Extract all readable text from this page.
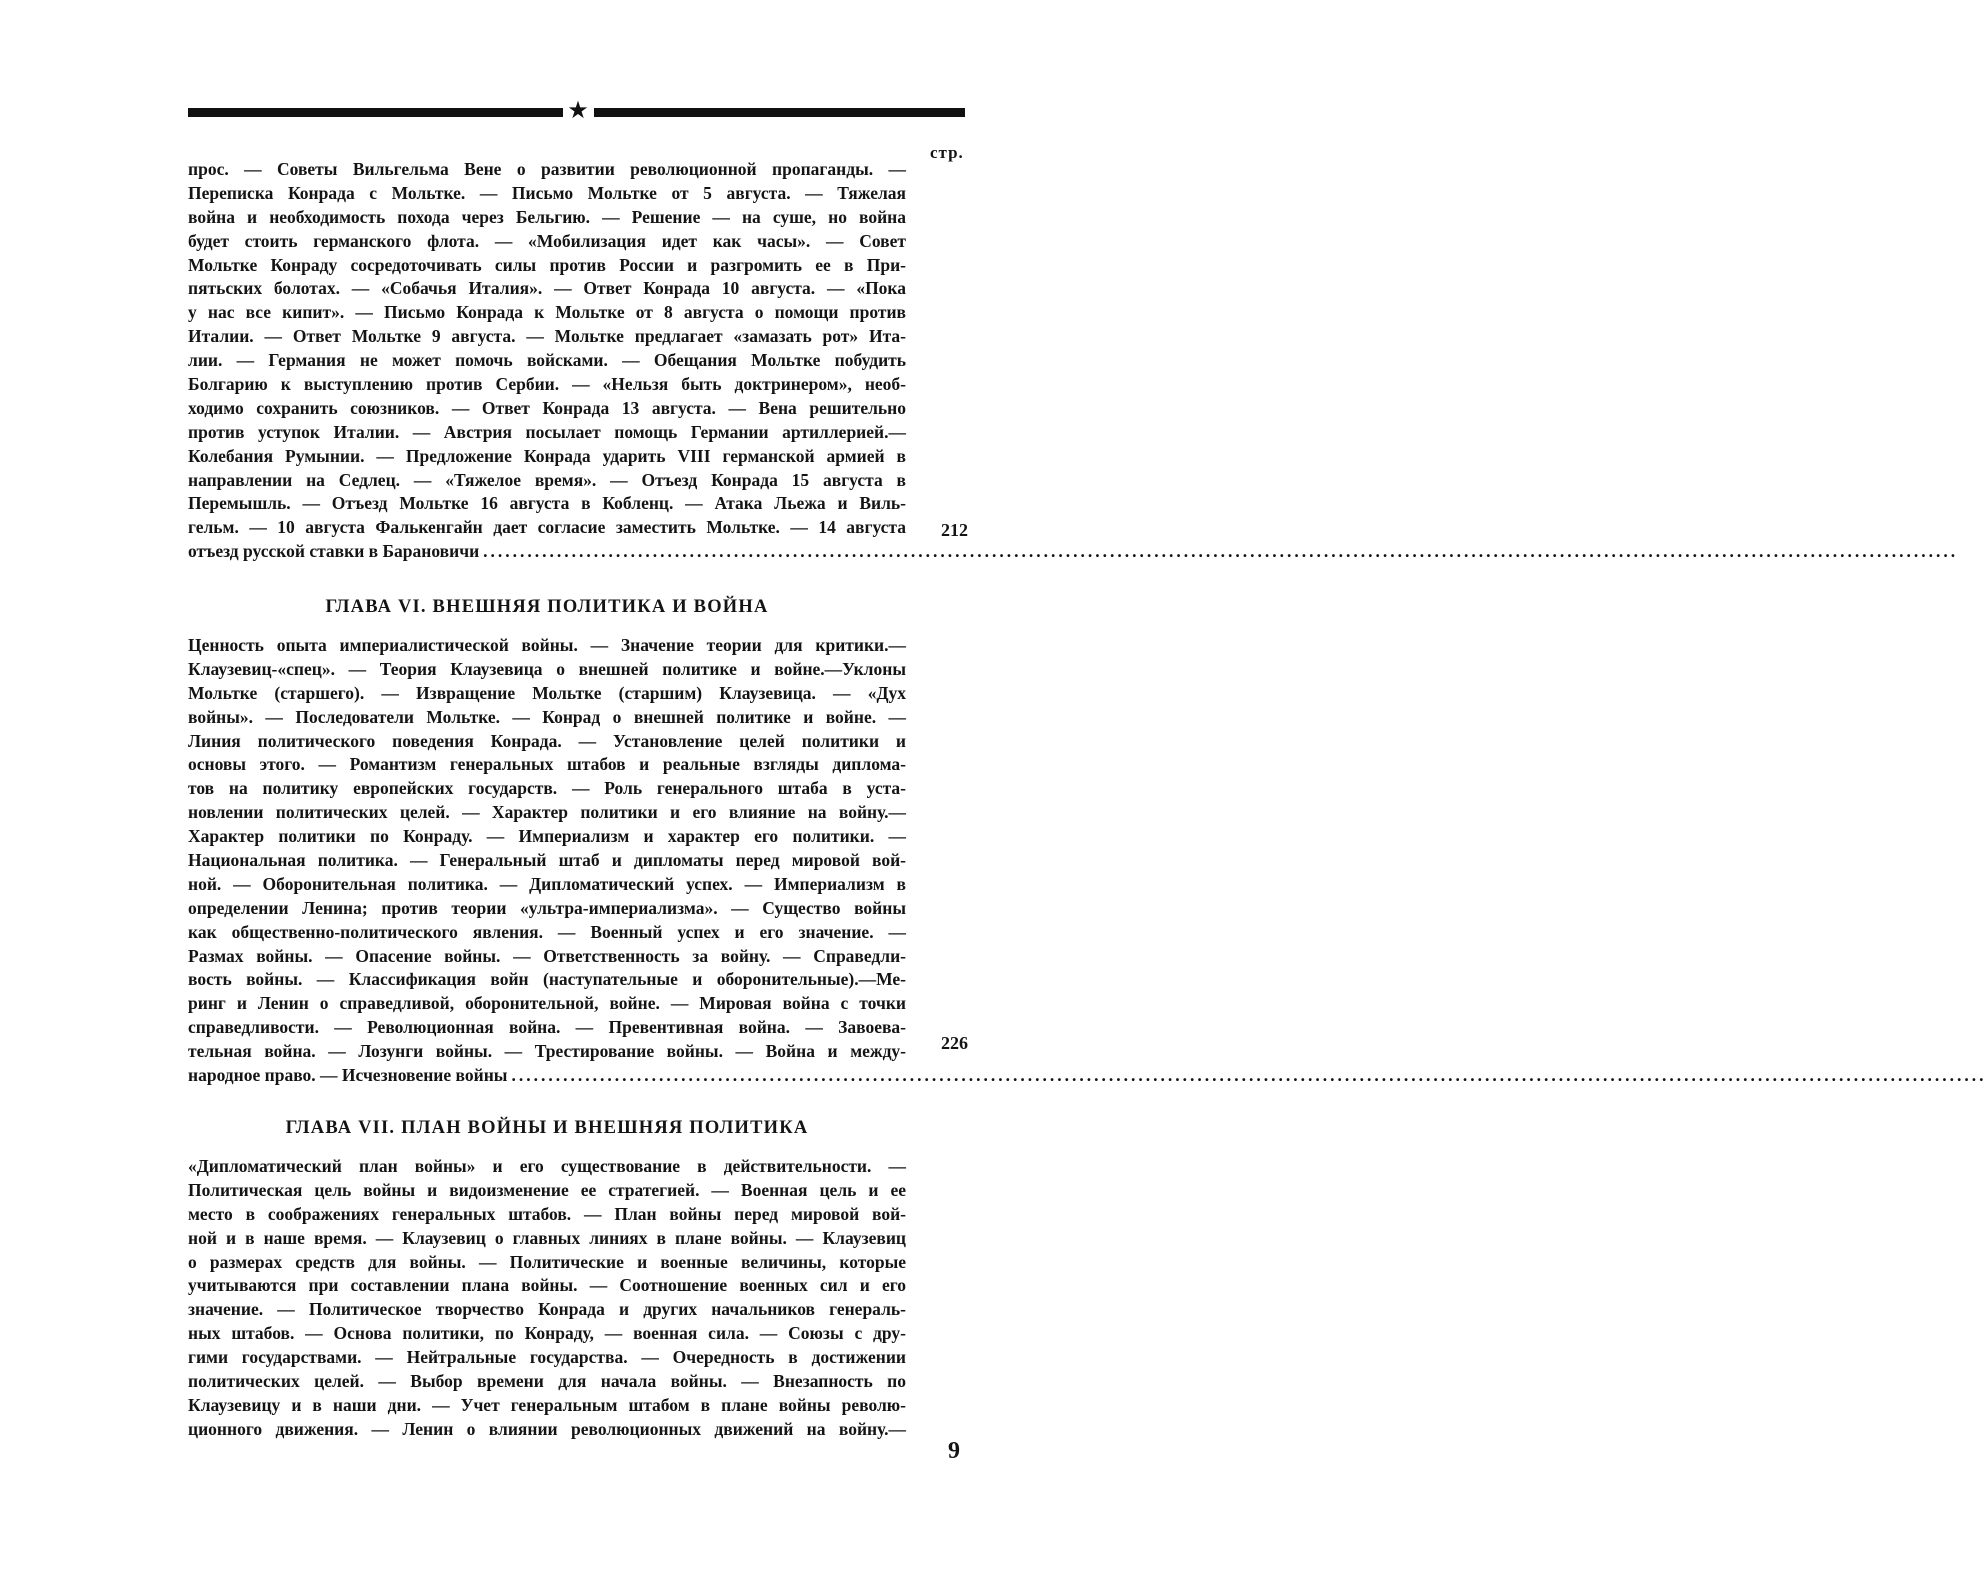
★
стр.
прос. — Советы Вильгельма Вене о развитии революционной пропаганды. —
Переписка Конрада с Мольтке. — Письмо Мольтке от 5 августа. — Тяжелая
война и необходимость похода через Бельгию. — Решение — на суше, но война
будет стоить германского флота. — «Мобилизация идет как часы». — Совет
Мольтке Конраду сосредоточивать силы против России и разгромить ее в При-
пятьских болотах. — «Собачья Италия». — Ответ Конрада 10 августа. — «Пока
у нас все кипит». — Письмо Конрада к Мольтке от 8 августа о помощи против
Италии. — Ответ Мольтке 9 августа. — Мольтке предлагает «замазать рот» Ита-
лии. — Германия не может помочь войсками. — Обещания Мольтке побудить
Болгарию к выступлению против Сербии. — «Нельзя быть доктринером», необ-
ходимо сохранить союзников. — Ответ Конрада 13 августа. — Вена решительно
против уступок Италии. — Австрия посылает помощь Германии артиллерией.—
Колебания Румынии. — Предложение Конрада ударить VIII германской армией в
направлении на Седлец. — «Тяжелое время». — Отъезд Конрада 15 августа в
Перемышль. — Отъезд Мольтке 16 августа в Кобленц. — Атака Льежа и Виль-
гельм. — 10 августа Фалькенгайн дает согласие заместить Мольтке. — 14 августа
отъезд русской ставки в Барановичи ........................................................................................................................................................................................................
212
ГЛАВА VI. ВНЕШНЯЯ ПОЛИТИКА И ВОЙНА
Ценность опыта империалистической войны. — Значение теории для критики.—
Клаузевиц-«спец». — Теория Клаузевица о внешней политике и войне.—Уклоны
Мольтке (старшего). — Извращение Мольтке (старшим) Клаузевица. — «Дух
войны». — Последователи Мольтке. — Конрад о внешней политике и войне. —
Линия политического поведения Конрада. — Установление целей политики и
основы этого. — Романтизм генеральных штабов и реальные взгляды диплома-
тов на политику европейских государств. — Роль генерального штаба в уста-
новлении политических целей. — Характер политики и его влияние на войну.—
Характер политики по Конраду. — Империализм и характер его политики. —
Национальная политика. — Генеральный штаб и дипломаты перед мировой вой-
ной. — Оборонительная политика. — Дипломатический успех. — Империализм в
определении Ленина; против теории «ультра-империализма». — Существо войны
как общественно-политического явления. — Военный успех и его значение. —
Размах войны. — Опасение войны. — Ответственность за войну. — Справедли-
вость войны. — Классификация войн (наступательные и оборонительные).—Ме-
ринг и Ленин о справедливой, оборонительной, войне. — Мировая война с точки
справедливости. — Революционная война. — Превентивная война. — Завоева-
тельная война. — Лозунги войны. — Трестирование войны. — Война и между-
народное право. — Исчезновение войны ........................................................................................................................................................................................................
226
ГЛАВА VII. ПЛАН ВОЙНЫ И ВНЕШНЯЯ ПОЛИТИКА
«Дипломатический план войны» и его существование в действительности. —
Политическая цель войны и видоизменение ее стратегией. — Военная цель и ее
место в соображениях генеральных штабов. — План войны перед мировой вой-
ной и в наше время. — Клаузевиц о главных линиях в плане войны. — Клаузевиц
о размерах средств для войны. — Политические и военные величины, которые
учитываются при составлении плана войны. — Соотношение военных сил и его
значение. — Политическое творчество Конрада и других начальников генераль-
ных штабов. — Основа политики, по Конраду, — военная сила. — Союзы с дру-
гими государствами. — Нейтральные государства. — Очередность в достижении
политических целей. — Выбор времени для начала войны. — Внезапность по
Клаузевицу и в наши дни. — Учет генеральным штабом в плане войны револю-
ционного движения. — Ленин о влиянии революционных движений на войну.—
9
